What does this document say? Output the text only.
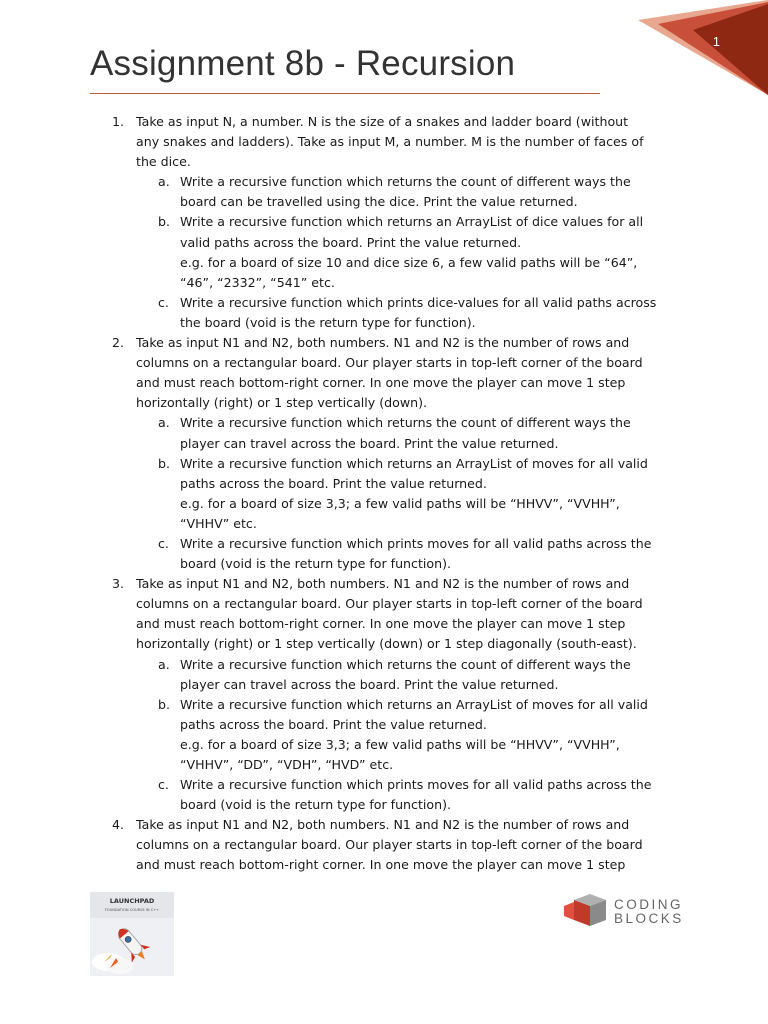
1
Assignment 8b - Recursion
1. Take as input N, a number. N is the size of a snakes and ladder board (without
any snakes and ladders). Take as input M, a number. M is the number of faces of
the dice.
a. Write a recursive function which returns the count of different ways the
board can be travelled using the dice. Print the value returned.
b. Write a recursive function which returns an ArrayList of dice values for all
valid paths across the board. Print the value returned.
e.g. for a board of size 10 and dice size 6, a few valid paths will be “64”,
“46”, “2332”, “541” etc.
c. Write a recursive function which prints dice-values for all valid paths across
the board (void is the return type for function).
2. Take as input N1 and N2, both numbers. N1 and N2 is the number of rows and
columns on a rectangular board. Our player starts in top-left corner of the board
and must reach bottom-right corner. In one move the player can move 1 step
horizontally (right) or 1 step vertically (down).
a. Write a recursive function which returns the count of different ways the
player can travel across the board. Print the value returned.
b. Write a recursive function which returns an ArrayList of moves for all valid
paths across the board. Print the value returned.
e.g. for a board of size 3,3; a few valid paths will be “HHVV”, “VVHH”,
“VHHV” etc.
c. Write a recursive function which prints moves for all valid paths across the
board (void is the return type for function).
3. Take as input N1 and N2, both numbers. N1 and N2 is the number of rows and
columns on a rectangular board. Our player starts in top-left corner of the board
and must reach bottom-right corner. In one move the player can move 1 step
horizontally (right) or 1 step vertically (down) or 1 step diagonally (south-east).
a. Write a recursive function which returns the count of different ways the
player can travel across the board. Print the value returned.
b. Write a recursive function which returns an ArrayList of moves for all valid
paths across the board. Print the value returned.
e.g. for a board of size 3,3; a few valid paths will be “HHVV”, “VVHH”,
“VHHV”, “DD”, “VDH”, “HVD” etc.
c. Write a recursive function which prints moves for all valid paths across the
board (void is the return type for function).
4. Take as input N1 and N2, both numbers. N1 and N2 is the number of rows and
columns on a rectangular board. Our player starts in top-left corner of the board
and must reach bottom-right corner. In one move the player can move 1 step
LAUNCHPAD
FOUNDATION COURSE IN C++	CODING
BLOCKS
